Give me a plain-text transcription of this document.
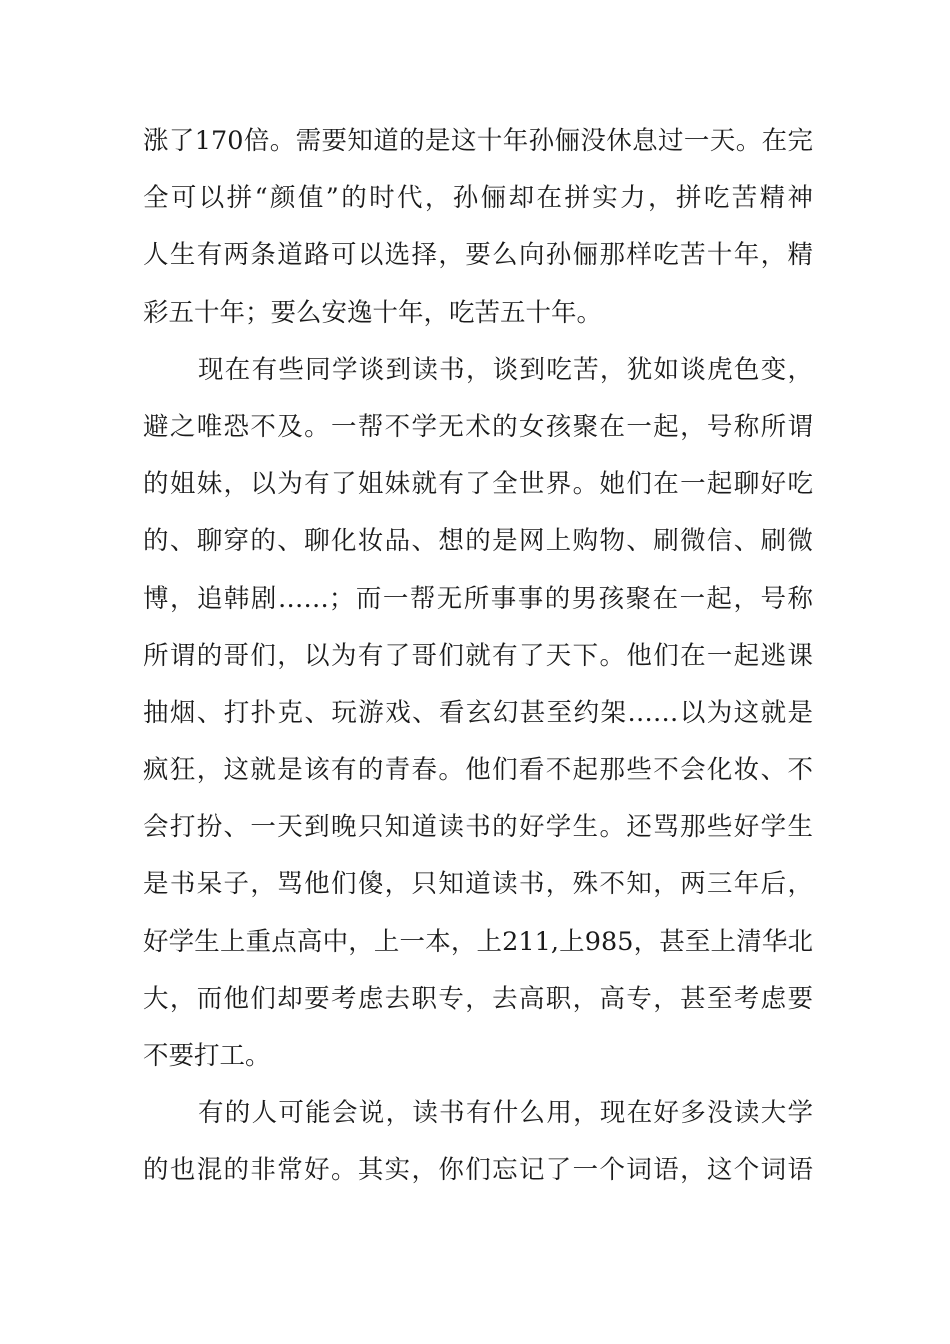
涨了170倍。需要知道的是这十年孙俪没休息过一天。在完
全可以拼“颜值”的时代，孙俪却在拼实力，拼吃苦精神
人生有两条道路可以选择，要么向孙俪那样吃苦十年，精
彩五十年；要么安逸十年，吃苦五十年。
现在有些同学谈到读书，谈到吃苦，犹如谈虎色变，
避之唯恐不及。一帮不学无术的女孩聚在一起，号称所谓
的姐妹，以为有了姐妹就有了全世界。她们在一起聊好吃
的、聊穿的、聊化妆品、想的是网上购物、刷微信、刷微
博，追韩剧……；而一帮无所事事的男孩聚在一起，号称
所谓的哥们，以为有了哥们就有了天下。他们在一起逃课
抽烟、打扑克、玩游戏、看玄幻甚至约架……以为这就是
疯狂，这就是该有的青春。他们看不起那些不会化妆、不
会打扮、一天到晚只知道读书的好学生。还骂那些好学生
是书呆子，骂他们傻，只知道读书，殊不知，两三年后，
好学生上重点高中，上一本，上211,上985，甚至上清华北
大，而他们却要考虑去职专，去高职，高专，甚至考虑要
不要打工。
有的人可能会说，读书有什么用，现在好多没读大学
的也混的非常好。其实，你们忘记了一个词语，这个词语
